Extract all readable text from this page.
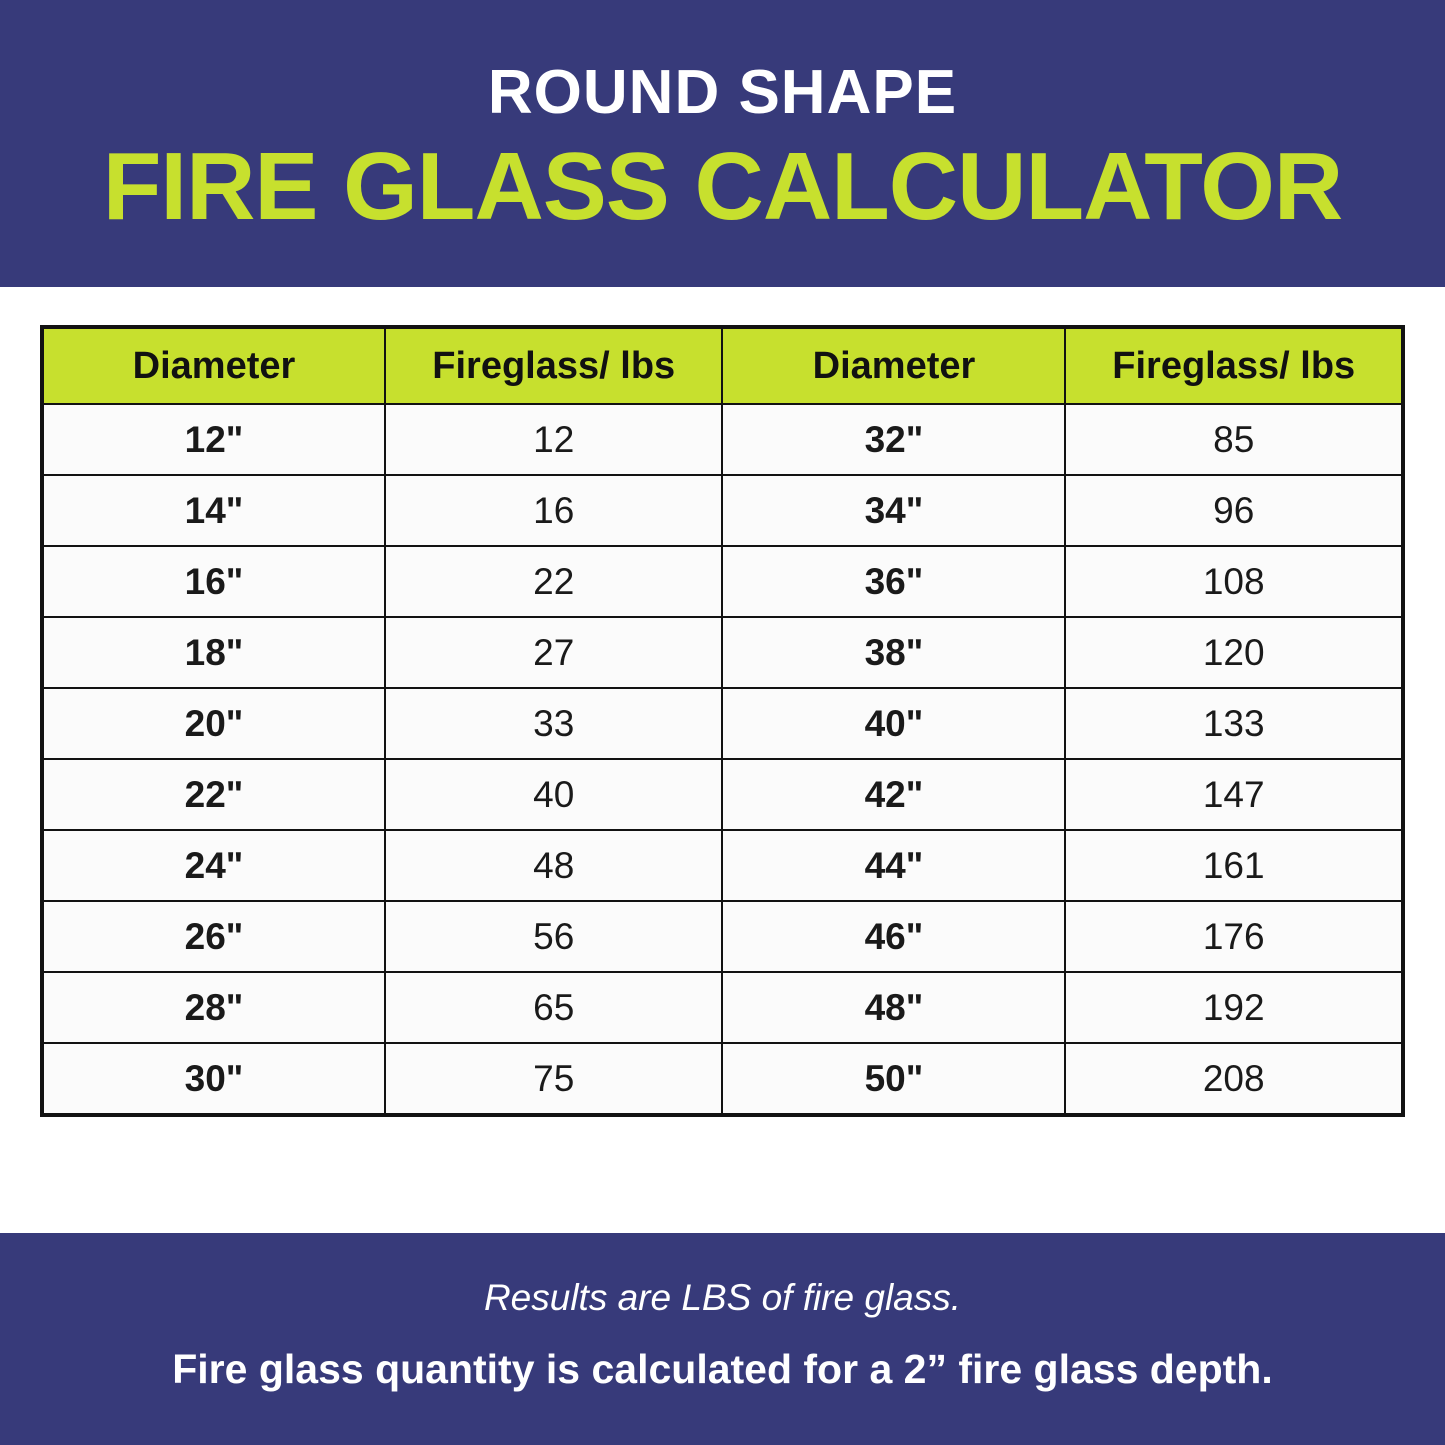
ROUND SHAPE
FIRE GLASS CALCULATOR
Diameter	Fireglass/ lbs	Diameter	Fireglass/ lbs
12"	12	32"	85
14"	16	34"	96
16"	22	36"	108
18"	27	38"	120
20"	33	40"	133
22"	40	42"	147
24"	48	44"	161
26"	56	46"	176
28"	65	48"	192
30"	75	50"	208
Results are LBS of fire glass.
Fire glass quantity is calculated for a 2” fire glass depth.
